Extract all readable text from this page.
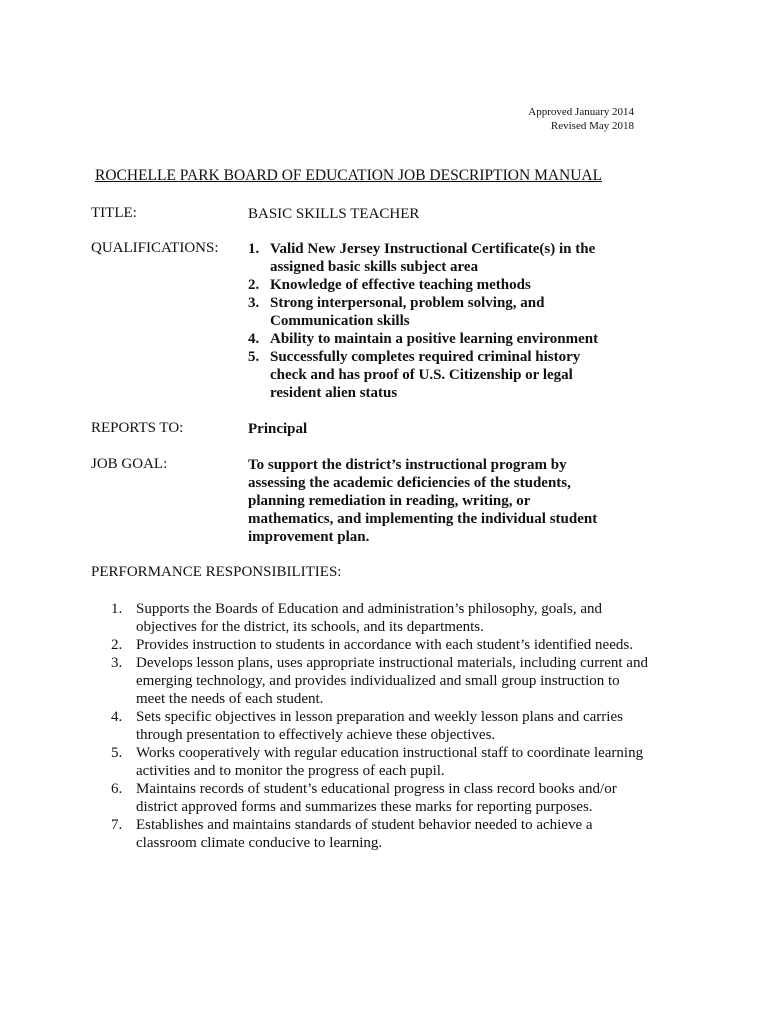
Approved January 2014
Revised May 2018
ROCHELLE PARK BOARD OF EDUCATION JOB DESCRIPTION MANUAL
TITLE:	BASIC SKILLS TEACHER
QUALIFICATIONS: 1. Valid New Jersey Instructional Certificate(s) in the
assigned basic skills subject area
2. Knowledge of effective teaching methods
3. Strong interpersonal, problem solving, and
Communication skills
4. Ability to maintain a positive learning environment
5. Successfully completes required criminal history
check and has proof of U.S. Citizenship or legal
resident alien status
REPORTS TO:	Principal
JOB GOAL:	To support the district’s instructional program by
assessing the academic deficiencies of the students,
planning remediation in reading, writing, or
mathematics, and implementing the individual student
improvement plan.
PERFORMANCE RESPONSIBILITIES:
1. Supports the Boards of Education and administration’s philosophy, goals, and objectives for the district, its schools, and its departments.
2. Provides instruction to students in accordance with each student’s identified needs.
3. Develops lesson plans, uses appropriate instructional materials, including current and emerging technology, and provides individualized and small group instruction to meet the needs of each student.
4. Sets specific objectives in lesson preparation and weekly lesson plans and carries through presentation to effectively achieve these objectives.
5. Works cooperatively with regular education instructional staff to coordinate learning activities and to monitor the progress of each pupil.
6. Maintains records of student’s educational progress in class record books and/or district approved forms and summarizes these marks for reporting purposes.
7. Establishes and maintains standards of student behavior needed to achieve a classroom climate conducive to learning.
